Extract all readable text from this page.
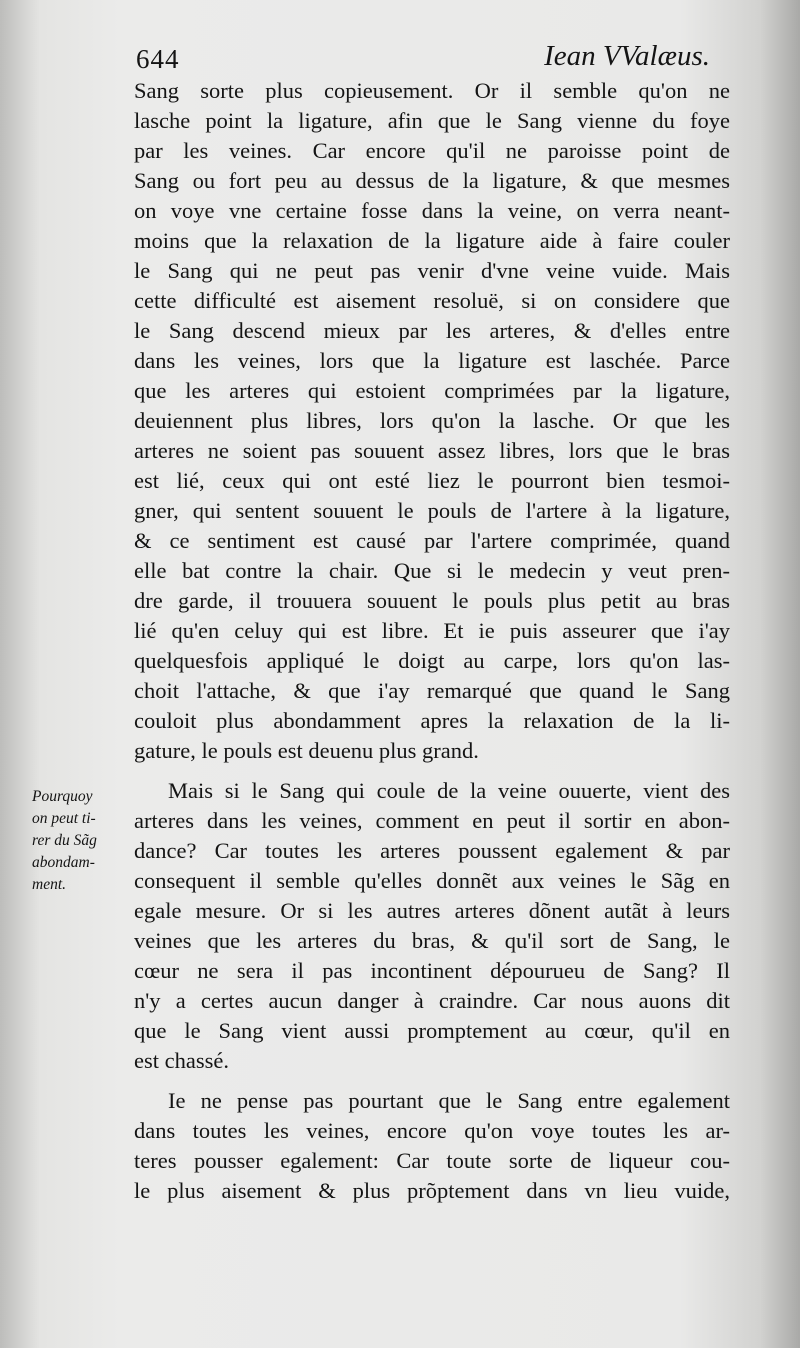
644	Iean VValæus.
Pourquoy
on peut ti-
rer du Sãg
abondam-
ment.
Sang sorte plus copieusement. Or il semble qu'on ne
lasche point la ligature, afin que le Sang vienne du foye
par les veines. Car encore qu'il ne paroisse point de
Sang ou fort peu au dessus de la ligature, & que mesmes
on voye vne certaine fosse dans la veine, on verra neant-
moins que la relaxation de la ligature aide à faire couler
le Sang qui ne peut pas venir d'vne veine vuide. Mais
cette difficulté est aisement resoluë, si on considere que
le Sang descend mieux par les arteres, & d'elles entre
dans les veines, lors que la ligature est laschée. Parce
que les arteres qui estoient comprimées par la ligature,
deuiennent plus libres, lors qu'on la lasche. Or que les
arteres ne soient pas souuent assez libres, lors que le bras
est lié, ceux qui ont esté liez le pourront bien tesmoi-
gner, qui sentent souuent le pouls de l'artere à la ligature,
& ce sentiment est causé par l'artere comprimée, quand
elle bat contre la chair. Que si le medecin y veut pren-
dre garde, il trouuera souuent le pouls plus petit au bras
lié qu'en celuy qui est libre. Et ie puis asseurer que i'ay
quelquesfois appliqué le doigt au carpe, lors qu'on las-
choit l'attache, & que i'ay remarqué que quand le Sang
couloit plus abondamment apres la relaxation de la li-
gature, le pouls est deuenu plus grand.
Mais si le Sang qui coule de la veine ouuerte, vient des
arteres dans les veines, comment en peut il sortir en abon-
dance? Car toutes les arteres poussent egalement & par
consequent il semble qu'elles donnẽt aux veines le Sãg en
egale mesure. Or si les autres arteres dõnent autãt à leurs
veines que les arteres du bras, & qu'il sort de Sang, le
cœur ne sera il pas incontinent dépourueu de Sang? Il
n'y a certes aucun danger à craindre. Car nous auons dit
que le Sang vient aussi promptement au cœur, qu'il en
est chassé.
Ie ne pense pas pourtant que le Sang entre egalement
dans toutes les veines, encore qu'on voye toutes les ar-
teres pousser egalement: Car toute sorte de liqueur cou-
le plus aisement & plus prõptement dans vn lieu vuide,
